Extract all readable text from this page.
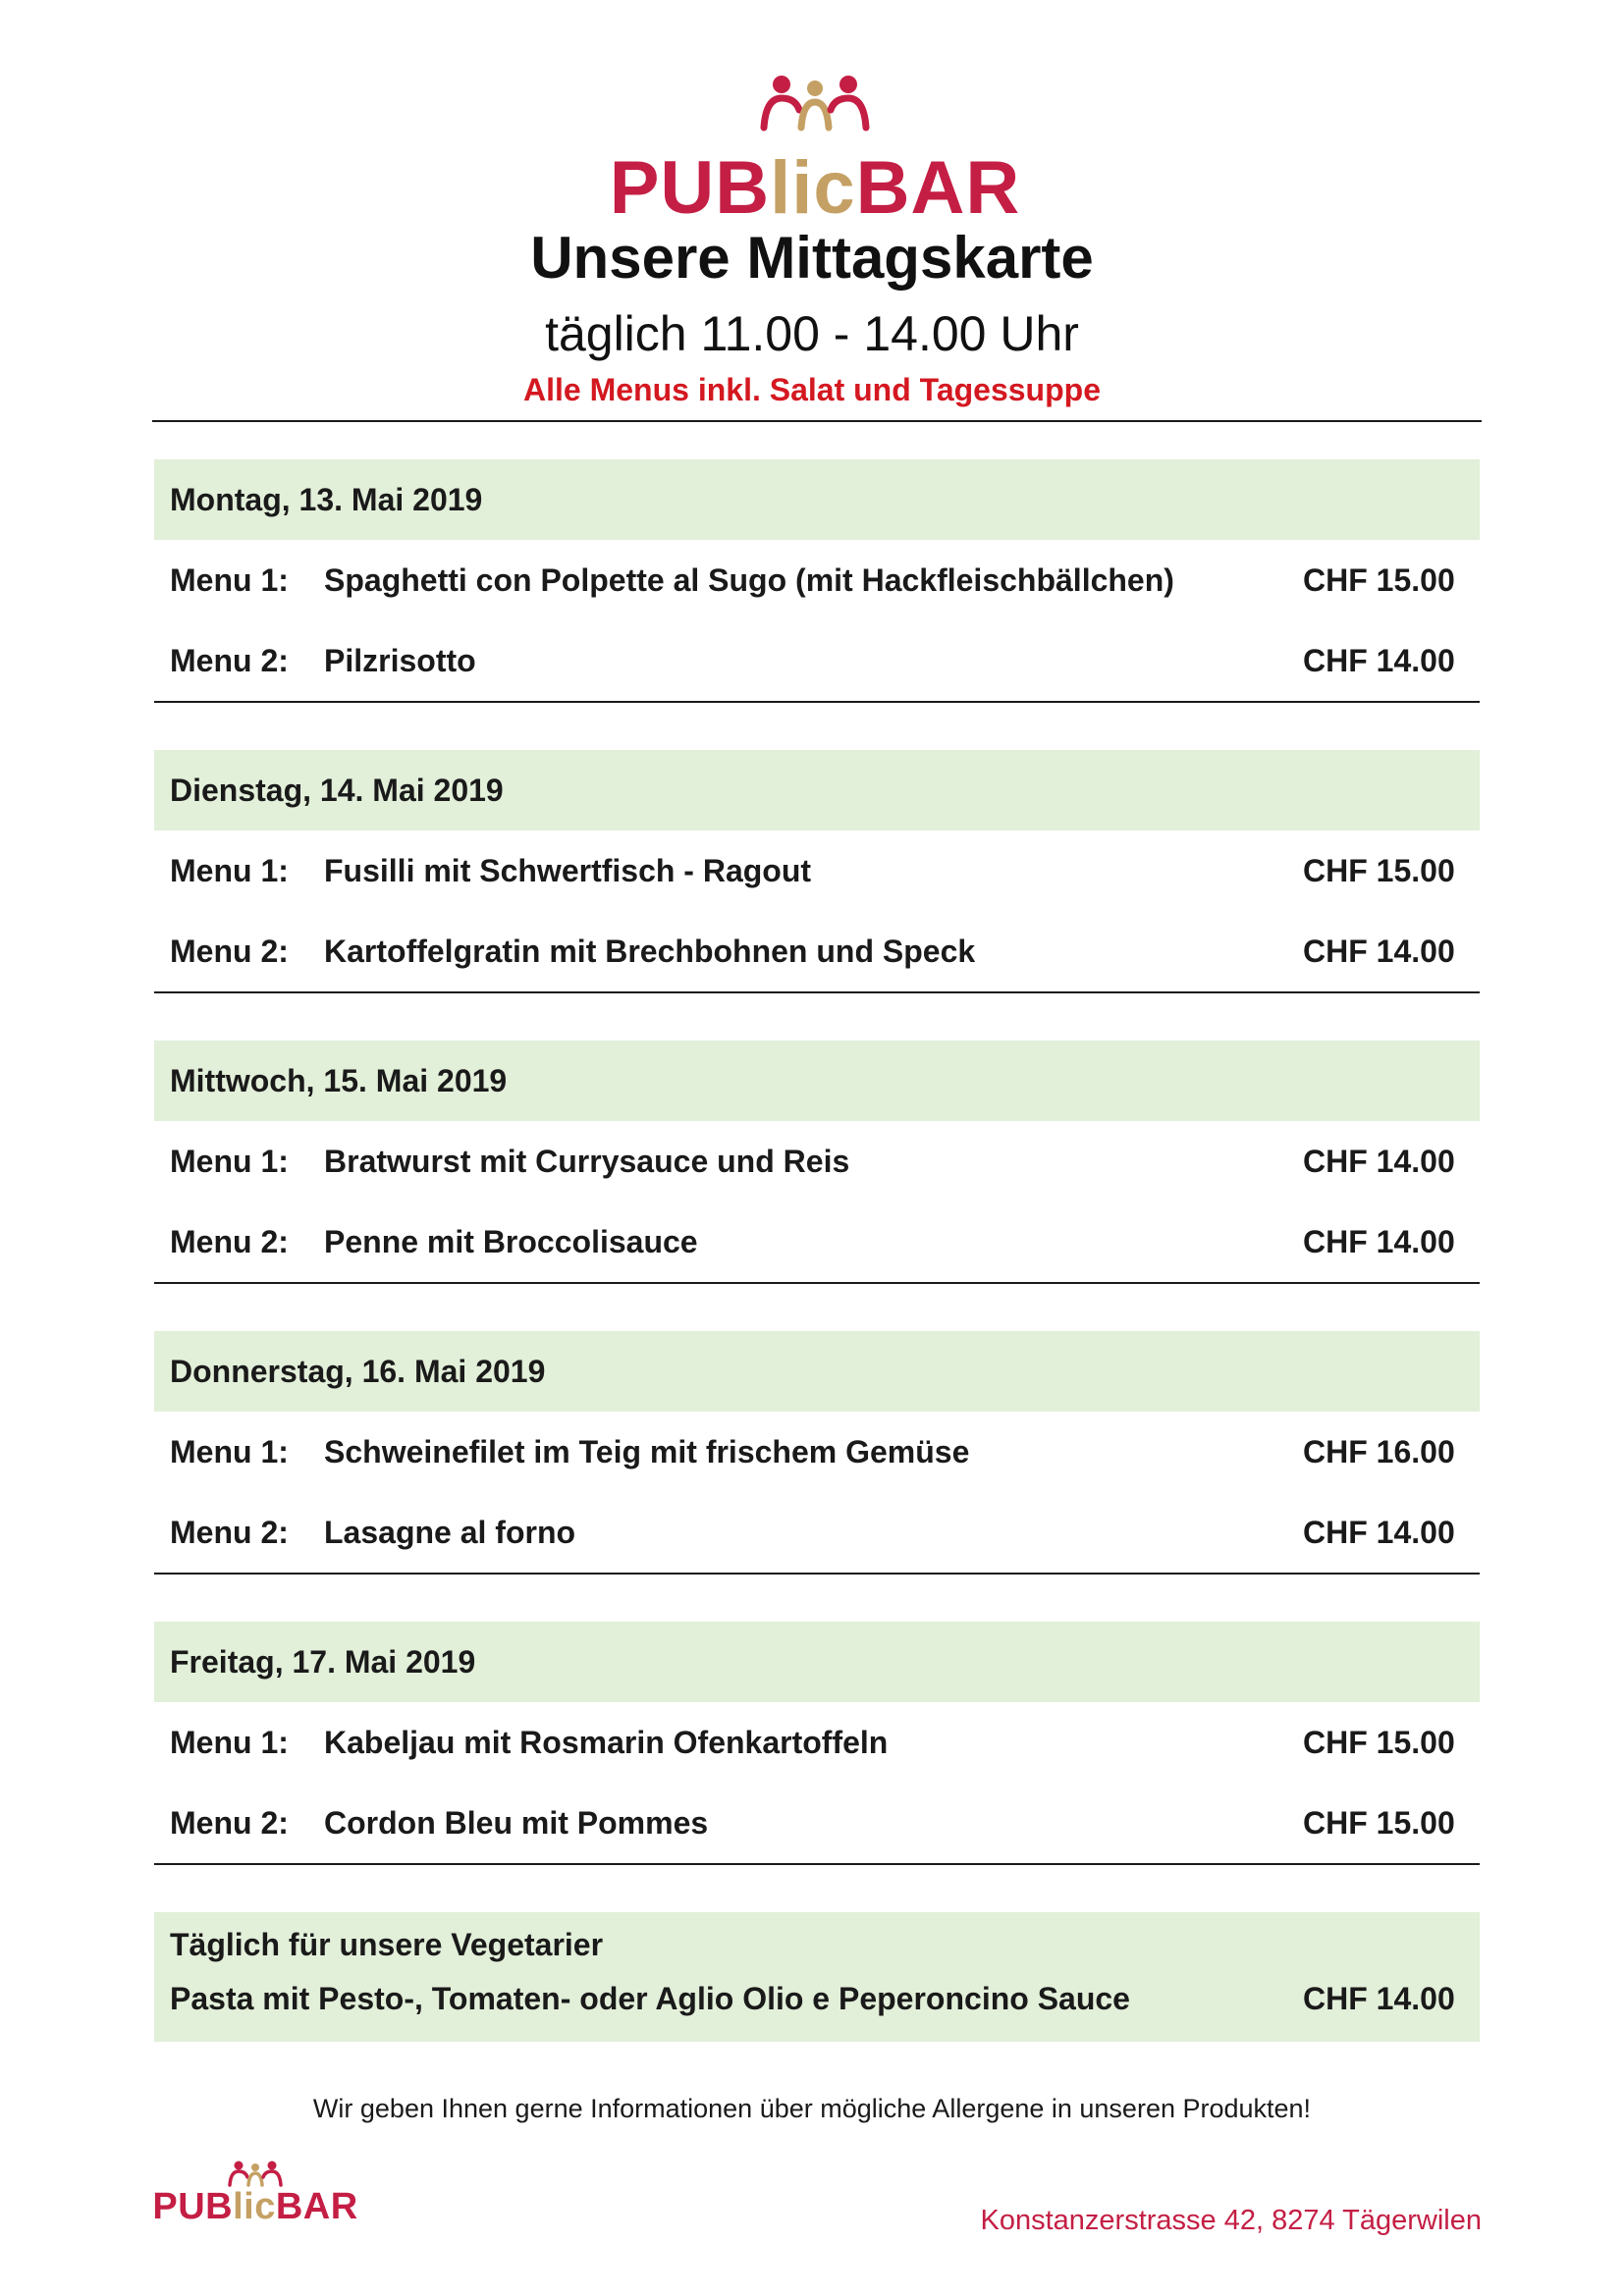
PUBlicBAR
Unsere Mittagskarte
täglich 11.00 - 14.00 Uhr
Alle Menus inkl. Salat und Tagessuppe
Montag, 13. Mai 2019
Menu 1:	Spaghetti con Polpette al Sugo (mit Hackfleischbällchen)	CHF 15.00
Menu 2:	Pilzrisotto	CHF 14.00
Dienstag, 14. Mai 2019
Menu 1:	Fusilli mit Schwertfisch - Ragout	CHF 15.00
Menu 2:	Kartoffelgratin mit Brechbohnen und Speck	CHF 14.00
Mittwoch, 15. Mai 2019
Menu 1:	Bratwurst mit Currysauce und Reis	CHF 14.00
Menu 2:	Penne mit Broccolisauce	CHF 14.00
Donnerstag, 16. Mai 2019
Menu 1:	Schweinefilet im Teig mit frischem Gemüse	CHF 16.00
Menu 2:	Lasagne al forno	CHF 14.00
Freitag, 17. Mai 2019
Menu 1:	Kabeljau mit Rosmarin Ofenkartoffeln	CHF 15.00
Menu 2:	Cordon Bleu mit Pommes	CHF 15.00
Täglich für unsere Vegetarier
Pasta mit Pesto-, Tomaten- oder Aglio Olio e Peperoncino Sauce	CHF 14.00
Wir geben Ihnen gerne Informationen über mögliche Allergene in unseren Produkten!
PUBlicBAR	Konstanzerstrasse 42, 8274 Tägerwilen
